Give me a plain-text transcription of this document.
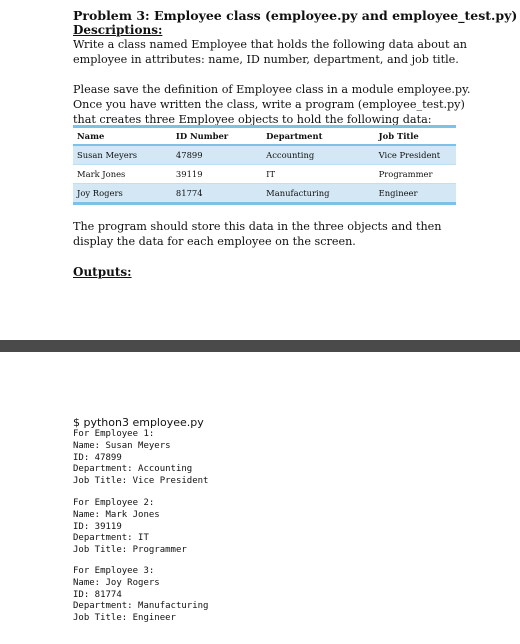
Problem 3: Employee class (employee.py and employee_test.py)
Descriptions:
Write a class named Employee that holds the following data about an employee in attributes: name, ID number, department, and job title.
Please save the definition of Employee class in a module employee.py. Once you have written the class, write a program (employee_test.py) that creates three Employee objects to hold the following data:
Name	ID Number	Department	Job Title
Susan Meyers	47899	Accounting	Vice President
Mark Jones	39119	IT	Programmer
Joy Rogers	81774	Manufacturing	Engineer
The program should store this data in the three objects and then display the data for each employee on the screen.
Outputs:
$ python3 employee.py
For Employee 1:
Name: Susan Meyers
ID: 47899
Department: Accounting
Job Title: Vice President
For Employee 2:
Name: Mark Jones
ID: 39119
Department: IT
Job Title: Programmer
For Employee 3:
Name: Joy Rogers
ID: 81774
Department: Manufacturing
Job Title: Engineer
